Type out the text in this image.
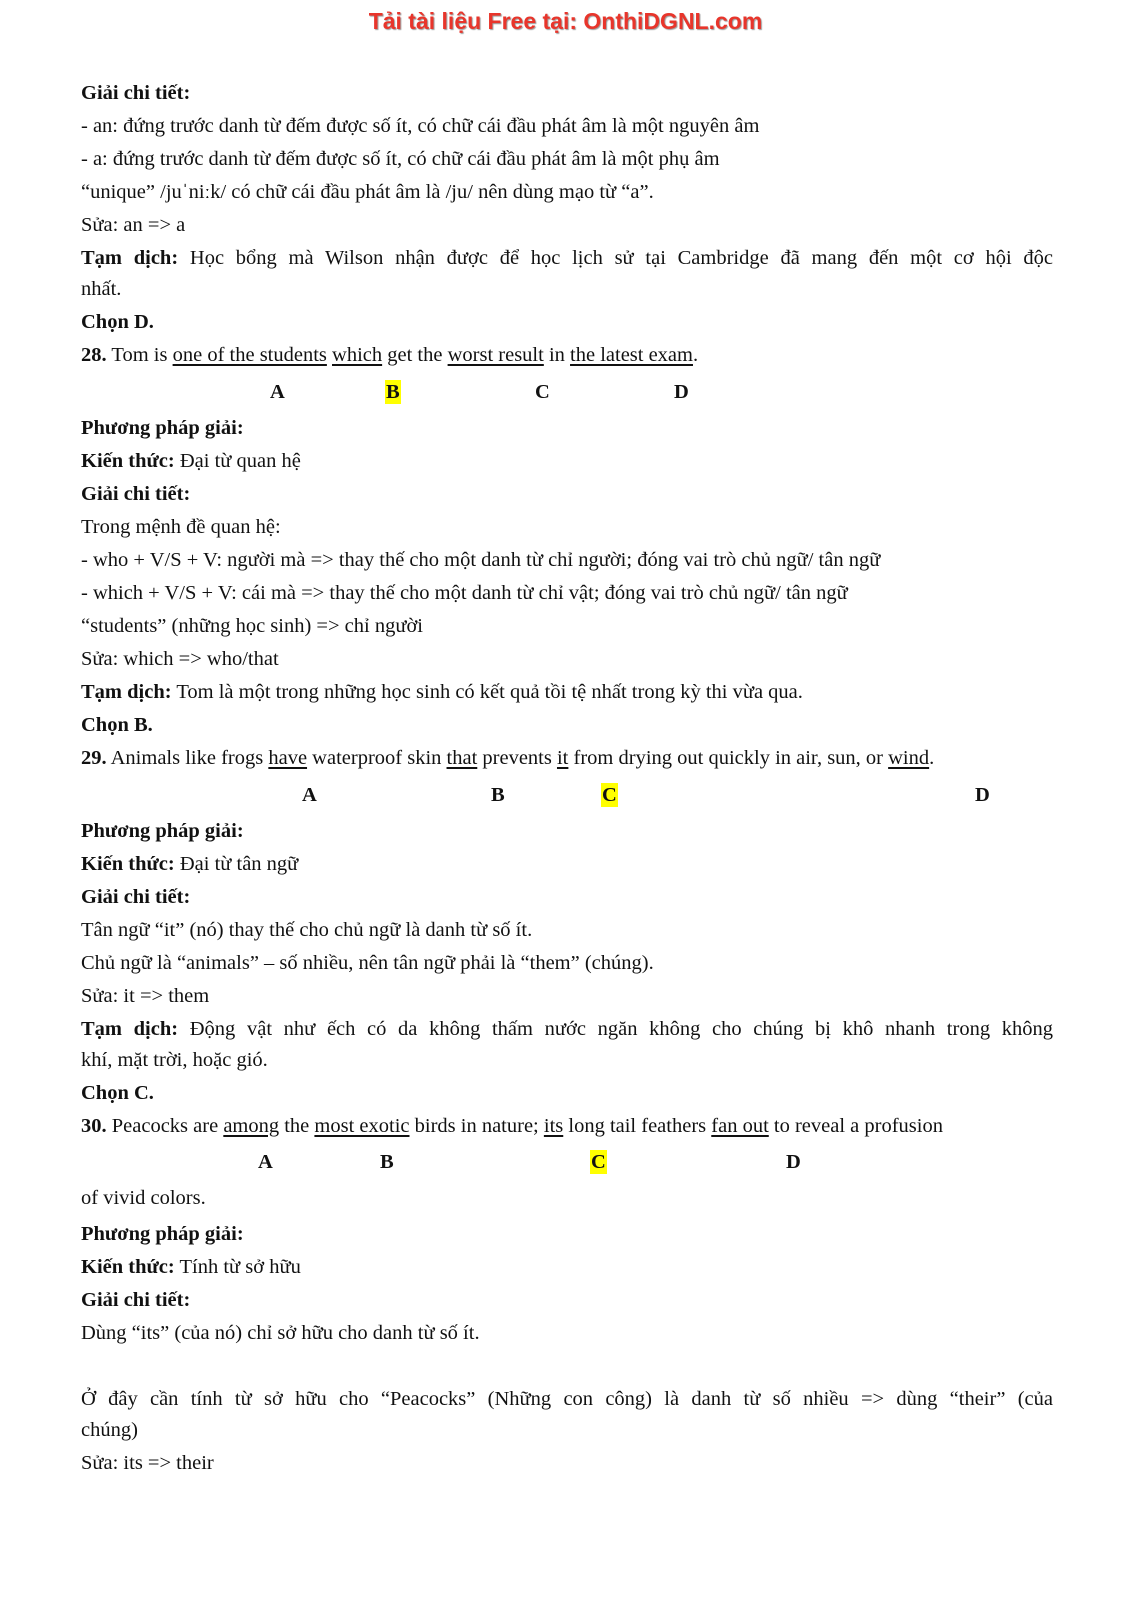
Tải tài liệu Free tại: OnthiDGNL.com

Giải chi tiết:

- an: đứng trước danh từ đếm được số ít, có chữ cái đầu phát âm là một nguyên âm

- a: đứng trước danh từ đếm được số ít, có chữ cái đầu phát âm là một phụ âm

“unique” /juˈniːk/ có chữ cái đầu phát âm là /ju/ nên dùng mạo từ “a”.

Sửa: an => a

Tạm dịch: Học bổng mà Wilson nhận được để học lịch sử tại Cambridge đã mang đến một cơ hội độc

nhất.

Chọn D.

28. Tom is one of the students which get the worst result in the latest exam.

A	B	C	D

Phương pháp giải:

Kiến thức: Đại từ quan hệ

Giải chi tiết:

Trong mệnh đề quan hệ:

- who + V/S + V: người mà => thay thế cho một danh từ chỉ người; đóng vai trò chủ ngữ/ tân ngữ

- which + V/S + V: cái mà => thay thế cho một danh từ chỉ vật; đóng vai trò chủ ngữ/ tân ngữ

“students” (những học sinh) => chỉ người

Sửa: which => who/that

Tạm dịch: Tom là một trong những học sinh có kết quả tồi tệ nhất trong kỳ thi vừa qua.

Chọn B.

29. Animals like frogs have waterproof skin that prevents it from drying out quickly in air, sun, or wind.

A	B	C	D

Phương pháp giải:

Kiến thức: Đại từ tân ngữ

Giải chi tiết:

Tân ngữ “it” (nó) thay thế cho chủ ngữ là danh từ số ít.

Chủ ngữ là “animals” – số nhiều, nên tân ngữ phải là “them” (chúng).

Sửa: it => them

Tạm dịch: Động vật như ếch có da không thấm nước ngăn không cho chúng bị khô nhanh trong không

khí, mặt trời, hoặc gió.

Chọn C.

30. Peacocks are among the most exotic birds in nature; its long tail feathers fan out to reveal a profusion

A	B	C	D

of vivid colors.

Phương pháp giải:

Kiến thức: Tính từ sở hữu

Giải chi tiết:

Dùng “its” (của nó) chỉ sở hữu cho danh từ số ít.

Ở đây cần tính từ sở hữu cho “Peacocks” (Những con công) là danh từ số nhiều => dùng “their” (của

chúng)

Sửa: its => their
